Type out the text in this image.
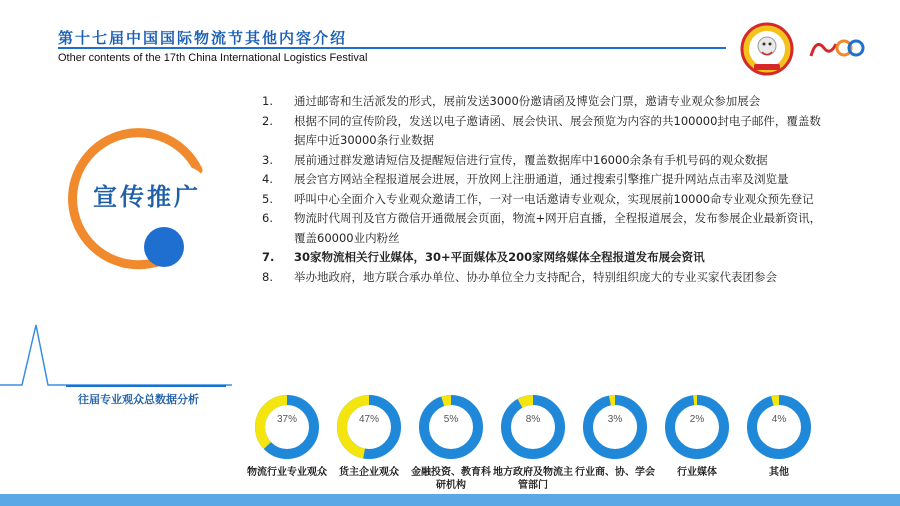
第十七届中国国际物流节其他内容介绍
Other contents of the 17th China International Logistics Festival
宣传推广
1.	通过邮寄和生活派发的形式，展前发送3000份邀请函及博览会门票，邀请专业观众参加展会
2.	根据不同的宣传阶段，发送以电子邀请函、展会快讯、展会预览为内容的共100000封电子邮件，覆盖数据库中近30000条行业数据
3.	展前通过群发邀请短信及提醒短信进行宣传，覆盖数据库中16000余条有手机号码的观众数据
4.	展会官方网站全程报道展会进展，开放网上注册通道，通过搜索引擎推广提升网站点击率及浏览量
5.	呼叫中心全面介入专业观众邀请工作，一对一电话邀请专业观众，实现展前10000命专业观众预先登记
6.	物流时代周刊及官方微信开通微展会页面，物流+网开启直播，全程报道展会，发布参展企业最新资讯，覆盖60000业内粉丝
7.	30家物流相关行业媒体，30+平面媒体及200家网络媒体全程报道发布展会资讯
8.	举办地政府，地方联合承办单位、协办单位全力支持配合，特别组织庞大的专业买家代表团参会
往届专业观众总数据分析
37%
物流行业专业观众
47%
货主企业观众
5%
金融投资、教育科研机构
8%
地方政府及物流主管部门
3%
行业商、协、学会
2%
行业媒体
4%
其他
